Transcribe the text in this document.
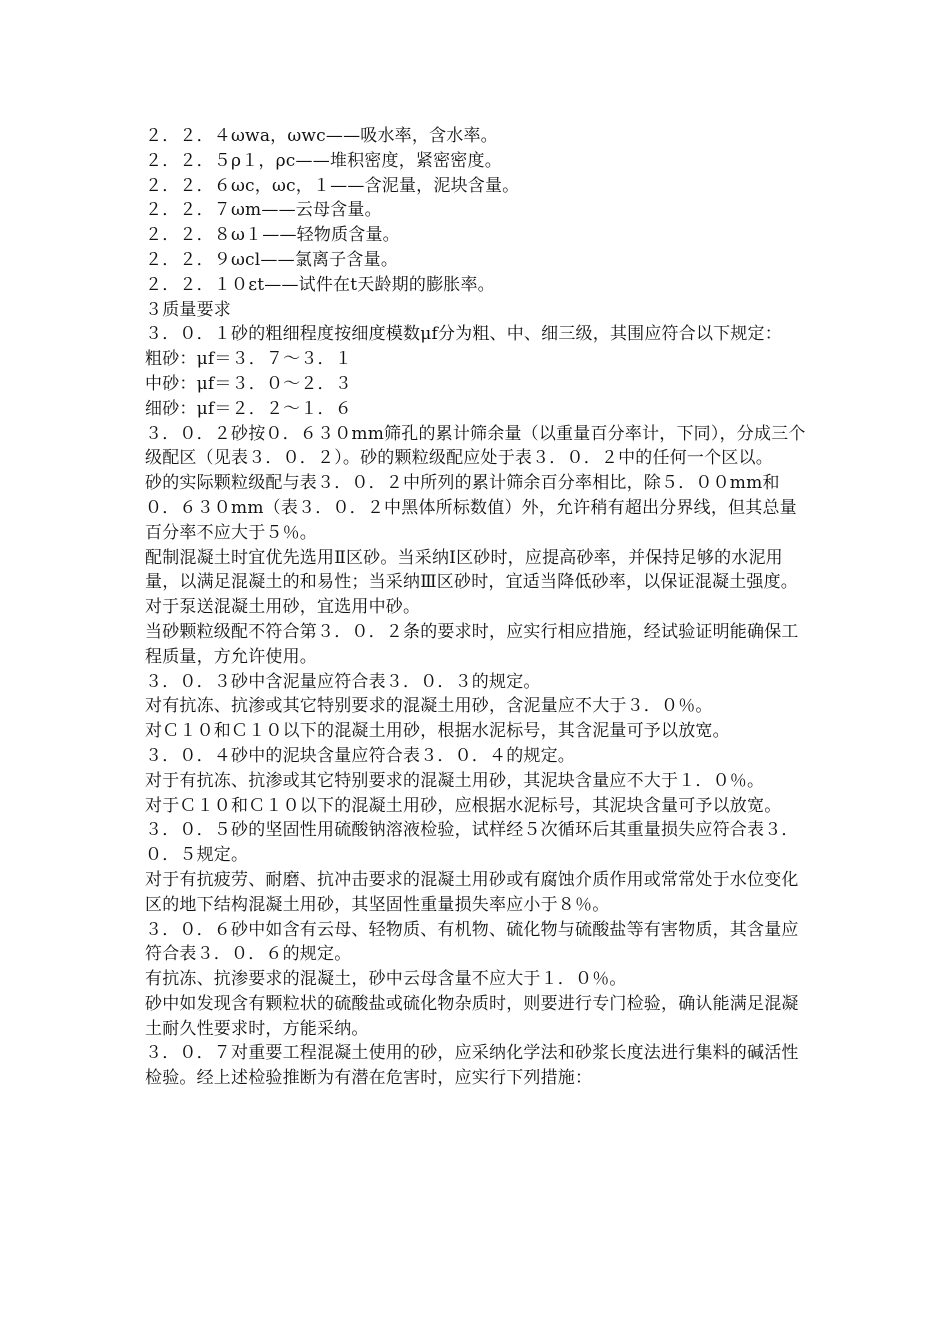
２．２．４ωwa，ωwc——吸水率，含水率。

２．２．５ρ１，ρc——堆积密度，紧密密度。

２．２．６ωc，ωc，１——含泥量，泥块含量。

２．２．７ωm——云母含量。

２．２．８ω１——轻物质含量。

２．２．９ωcl——氯离子含量。

２．２．１０εt——试件在t天龄期的膨胀率。

３质量要求

３．０．１砂的粗细程度按细度模数μf分为粗、中、细三级，其围应符合以下规定：

粗砂：μf＝３．７～３．１

中砂：μf＝３．０～２．３

细砂：μf＝２．２～１．６

３．０．２砂按０．６３０mm筛孔的累计筛余量（以重量百分率计，下同），分成三个级配区（见表３．０．２）。砂的颗粒级配应处于表３．０．２中的任何一个区以。

砂的实际颗粒级配与表３．０．２中所列的累计筛余百分率相比，除５．００mm和０．６３０mm（表３．０．２中黑体所标数值）外，允许稍有超出分界线，但其总量百分率不应大于５％。

配制混凝土时宜优先选用Ⅱ区砂。当采纳Ⅰ区砂时，应提高砂率，并保持足够的水泥用量，以满足混凝土的和易性；当采纳Ⅲ区砂时，宜适当降低砂率，以保证混凝土强度。

对于泵送混凝土用砂，宜选用中砂。

当砂颗粒级配不符合第３．０．２条的要求时，应实行相应措施，经试验证明能确保工程质量，方允许使用。

３．０．３砂中含泥量应符合表３．０．３的规定。

对有抗冻、抗渗或其它特别要求的混凝土用砂，含泥量应不大于３．０％。

对Ｃ１０和Ｃ１０以下的混凝土用砂，根据水泥标号，其含泥量可予以放宽。

３．０．４砂中的泥块含量应符合表３．０．４的规定。

对于有抗冻、抗渗或其它特别要求的混凝土用砂，其泥块含量应不大于１．０％。

对于Ｃ１０和Ｃ１０以下的混凝土用砂，应根据水泥标号，其泥块含量可予以放宽。

３．０．５砂的坚固性用硫酸钠溶液检验，试样经５次循环后其重量损失应符合表３．０．５规定。

对于有抗疲劳、耐磨、抗冲击要求的混凝土用砂或有腐蚀介质作用或常常处于水位变化区的地下结构混凝土用砂，其坚固性重量损失率应小于８％。

３．０．６砂中如含有云母、轻物质、有机物、硫化物与硫酸盐等有害物质，其含量应符合表３．０．６的规定。

有抗冻、抗渗要求的混凝土，砂中云母含量不应大于１．０％。

砂中如发现含有颗粒状的硫酸盐或硫化物杂质时，则要进行专门检验，确认能满足混凝土耐久性要求时，方能采纳。

３．０．７对重要工程混凝土使用的砂，应采纳化学法和砂浆长度法进行集料的碱活性检验。经上述检验推断为有潜在危害时，应实行下列措施：
